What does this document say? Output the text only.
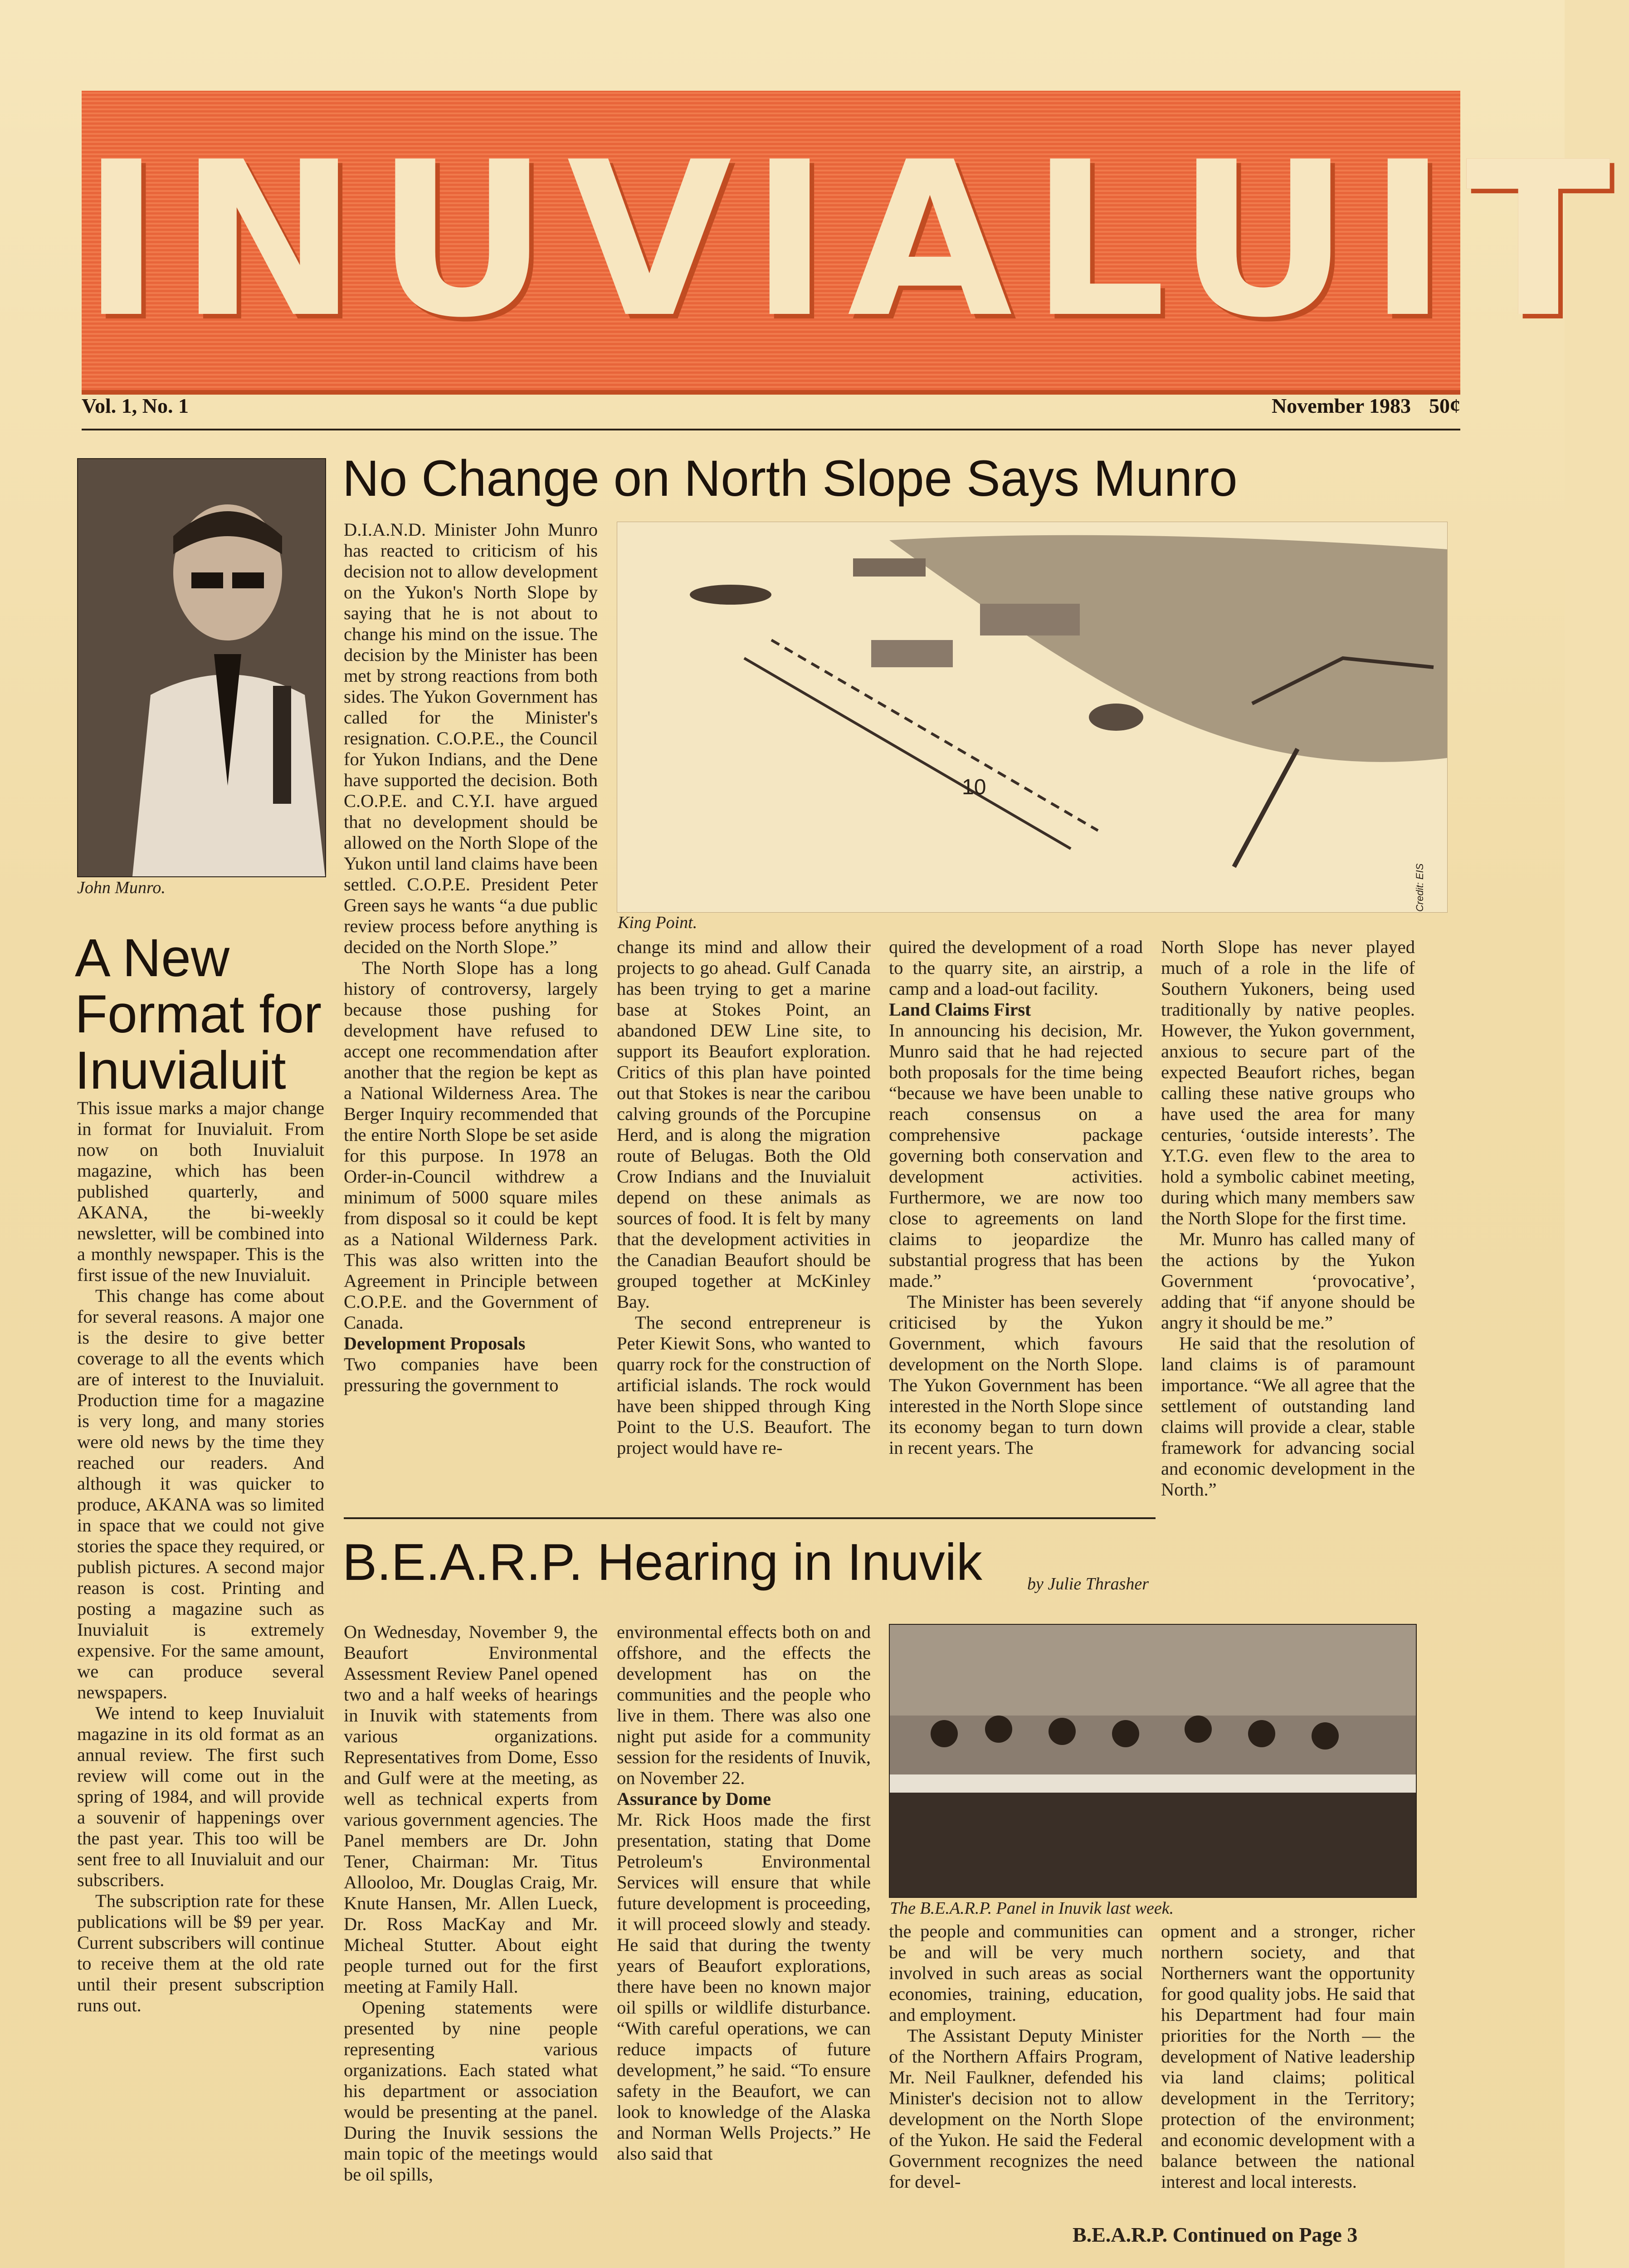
INUVIALUIT
Vol. 1, No. 1	November 1983 50¢
John Munro.
A New Format for Inuvialuit

This issue marks a major change in format for Inuvialuit. From now on both Inuvialuit magazine, which has been published quarterly, and AKANA, the bi-weekly newsletter, will be combined into a monthly newspaper. This is the first issue of the new Inuvialuit.

This change has come about for several reasons. A major one is the desire to give better coverage to all the events which are of interest to the Inuvialuit. Production time for a magazine is very long, and many stories were old news by the time they reached our readers. And although it was quicker to produce, AKANA was so limited in space that we could not give stories the space they required, or publish pictures. A second major reason is cost. Printing and posting a magazine such as Inuvialuit is extremely expensive. For the same amount, we can produce several newspapers.

We intend to keep Inuvialuit magazine in its old format as an annual review. The first such review will come out in the spring of 1984, and will provide a souvenir of happenings over the past year. This too will be sent free to all Inuvialuit and our subscribers.

The subscription rate for these publications will be $9 per year. Current subscribers will continue to receive them at the old rate until their present subscription runs out.

No Change on North Slope Says Munro

D.I.A.N.D. Minister John Munro has reacted to criticism of his decision not to allow development on the Yukon's North Slope by saying that he is not about to change his mind on the issue. The decision by the Minister has been met by strong reactions from both sides. The Yukon Government has called for the Minister's resignation. C.O.P.E., the Council for Yukon Indians, and the Dene have supported the decision. Both C.O.P.E. and C.Y.I. have argued that no development should be allowed on the North Slope of the Yukon until land claims have been settled. C.O.P.E. President Peter Green says he wants “a due public review process before anything is decided on the North Slope.”

The North Slope has a long history of controversy, largely because those pushing for development have refused to accept one recommendation after another that the region be kept as a National Wilderness Area. The Berger Inquiry recommended that the entire North Slope be set aside for this purpose. In 1978 an Order-in-Council withdrew a minimum of 5000 square miles from disposal so it could be kept as a National Wilderness Park. This was also written into the Agreement in Principle between C.O.P.E. and the Government of Canada.

Development Proposals

Two companies have been pressuring the government to

10
Credit: EIS
King Point.

change its mind and allow their projects to go ahead. Gulf Canada has been trying to get a marine base at Stokes Point, an abandoned DEW Line site, to support its Beaufort exploration. Critics of this plan have pointed out that Stokes is near the caribou calving grounds of the Porcupine Herd, and is along the migration route of Belugas. Both the Old Crow Indians and the Inuvialuit depend on these animals as sources of food. It is felt by many that the development activities in the Canadian Beaufort should be grouped together at McKinley Bay.

The second entrepreneur is Peter Kiewit Sons, who wanted to quarry rock for the construction of artificial islands. The rock would have been shipped through King Point to the U.S. Beaufort. The project would have re-

quired the development of a road to the quarry site, an airstrip, a camp and a load-out facility.

Land Claims First

In announcing his decision, Mr. Munro said that he had rejected both proposals for the time being “because we have been unable to reach consensus on a comprehensive package governing both conservation and development activities. Furthermore, we are now too close to agreements on land claims to jeopardize the substantial progress that has been made.”

The Minister has been severely criticised by the Yukon Government, which favours development on the North Slope. The Yukon Government has been interested in the North Slope since its economy began to turn down in recent years. The

North Slope has never played much of a role in the life of Southern Yukoners, being used traditionally by native peoples. However, the Yukon government, anxious to secure part of the expected Beaufort riches, began calling these native groups who have used the area for many centuries, ‘outside interests’. The Y.T.G. even flew to the area to hold a symbolic cabinet meeting, during which many members saw the North Slope for the first time.

Mr. Munro has called many of the actions by the Yukon Government ‘provocative’, adding that “if anyone should be angry it should be me.”

He said that the resolution of land claims is of paramount importance. “We all agree that the settlement of outstanding land claims will provide a clear, stable framework for advancing social and economic development in the North.”

B.E.A.R.P. Hearing in Inuvik	by Julie Thrasher

On Wednesday, November 9, the Beaufort Environmental Assessment Review Panel opened two and a half weeks of hearings in Inuvik with statements from various organizations. Representatives from Dome, Esso and Gulf were at the meeting, as well as technical experts from various government agencies. The Panel members are Dr. John Tener, Chairman: Mr. Titus Allooloo, Mr. Douglas Craig, Mr. Knute Hansen, Mr. Allen Lueck, Dr. Ross MacKay and Mr. Micheal Stutter. About eight people turned out for the first meeting at Family Hall.

Opening statements were presented by nine people representing various organizations. Each stated what his department or association would be presenting at the panel. During the Inuvik sessions the main topic of the meetings would be oil spills,

environmental effects both on and offshore, and the effects the development has on the communities and the people who live in them. There was also one night put aside for a community session for the residents of Inuvik, on November 22.

Assurance by Dome

Mr. Rick Hoos made the first presentation, stating that Dome Petroleum's Environmental Services will ensure that while future development is proceeding, it will proceed slowly and steady. He said that during the twenty years of Beaufort explorations, there have been no known major oil spills or wildlife disturbance. “With careful operations, we can reduce impacts of future development,” he said. “To ensure safety in the Beaufort, we can look to knowledge of the Alaska and Norman Wells Projects.” He also said that

The B.E.A.R.P. Panel in Inuvik last week.

the people and communities can be and will be very much involved in such areas as social economies, training, education, and employment.

The Assistant Deputy Minister of the Northern Affairs Program, Mr. Neil Faulkner, defended his Minister's decision not to allow development on the North Slope of the Yukon. He said the Federal Government recognizes the need for devel-

opment and a stronger, richer northern society, and that Northerners want the opportunity for good quality jobs. He said that his Department had four main priorities for the North — the development of Native leadership via land claims; political development in the Territory; protection of the environment; and economic development with a balance between the national interest and local interests.

B.E.A.R.P. Continued on Page 3
